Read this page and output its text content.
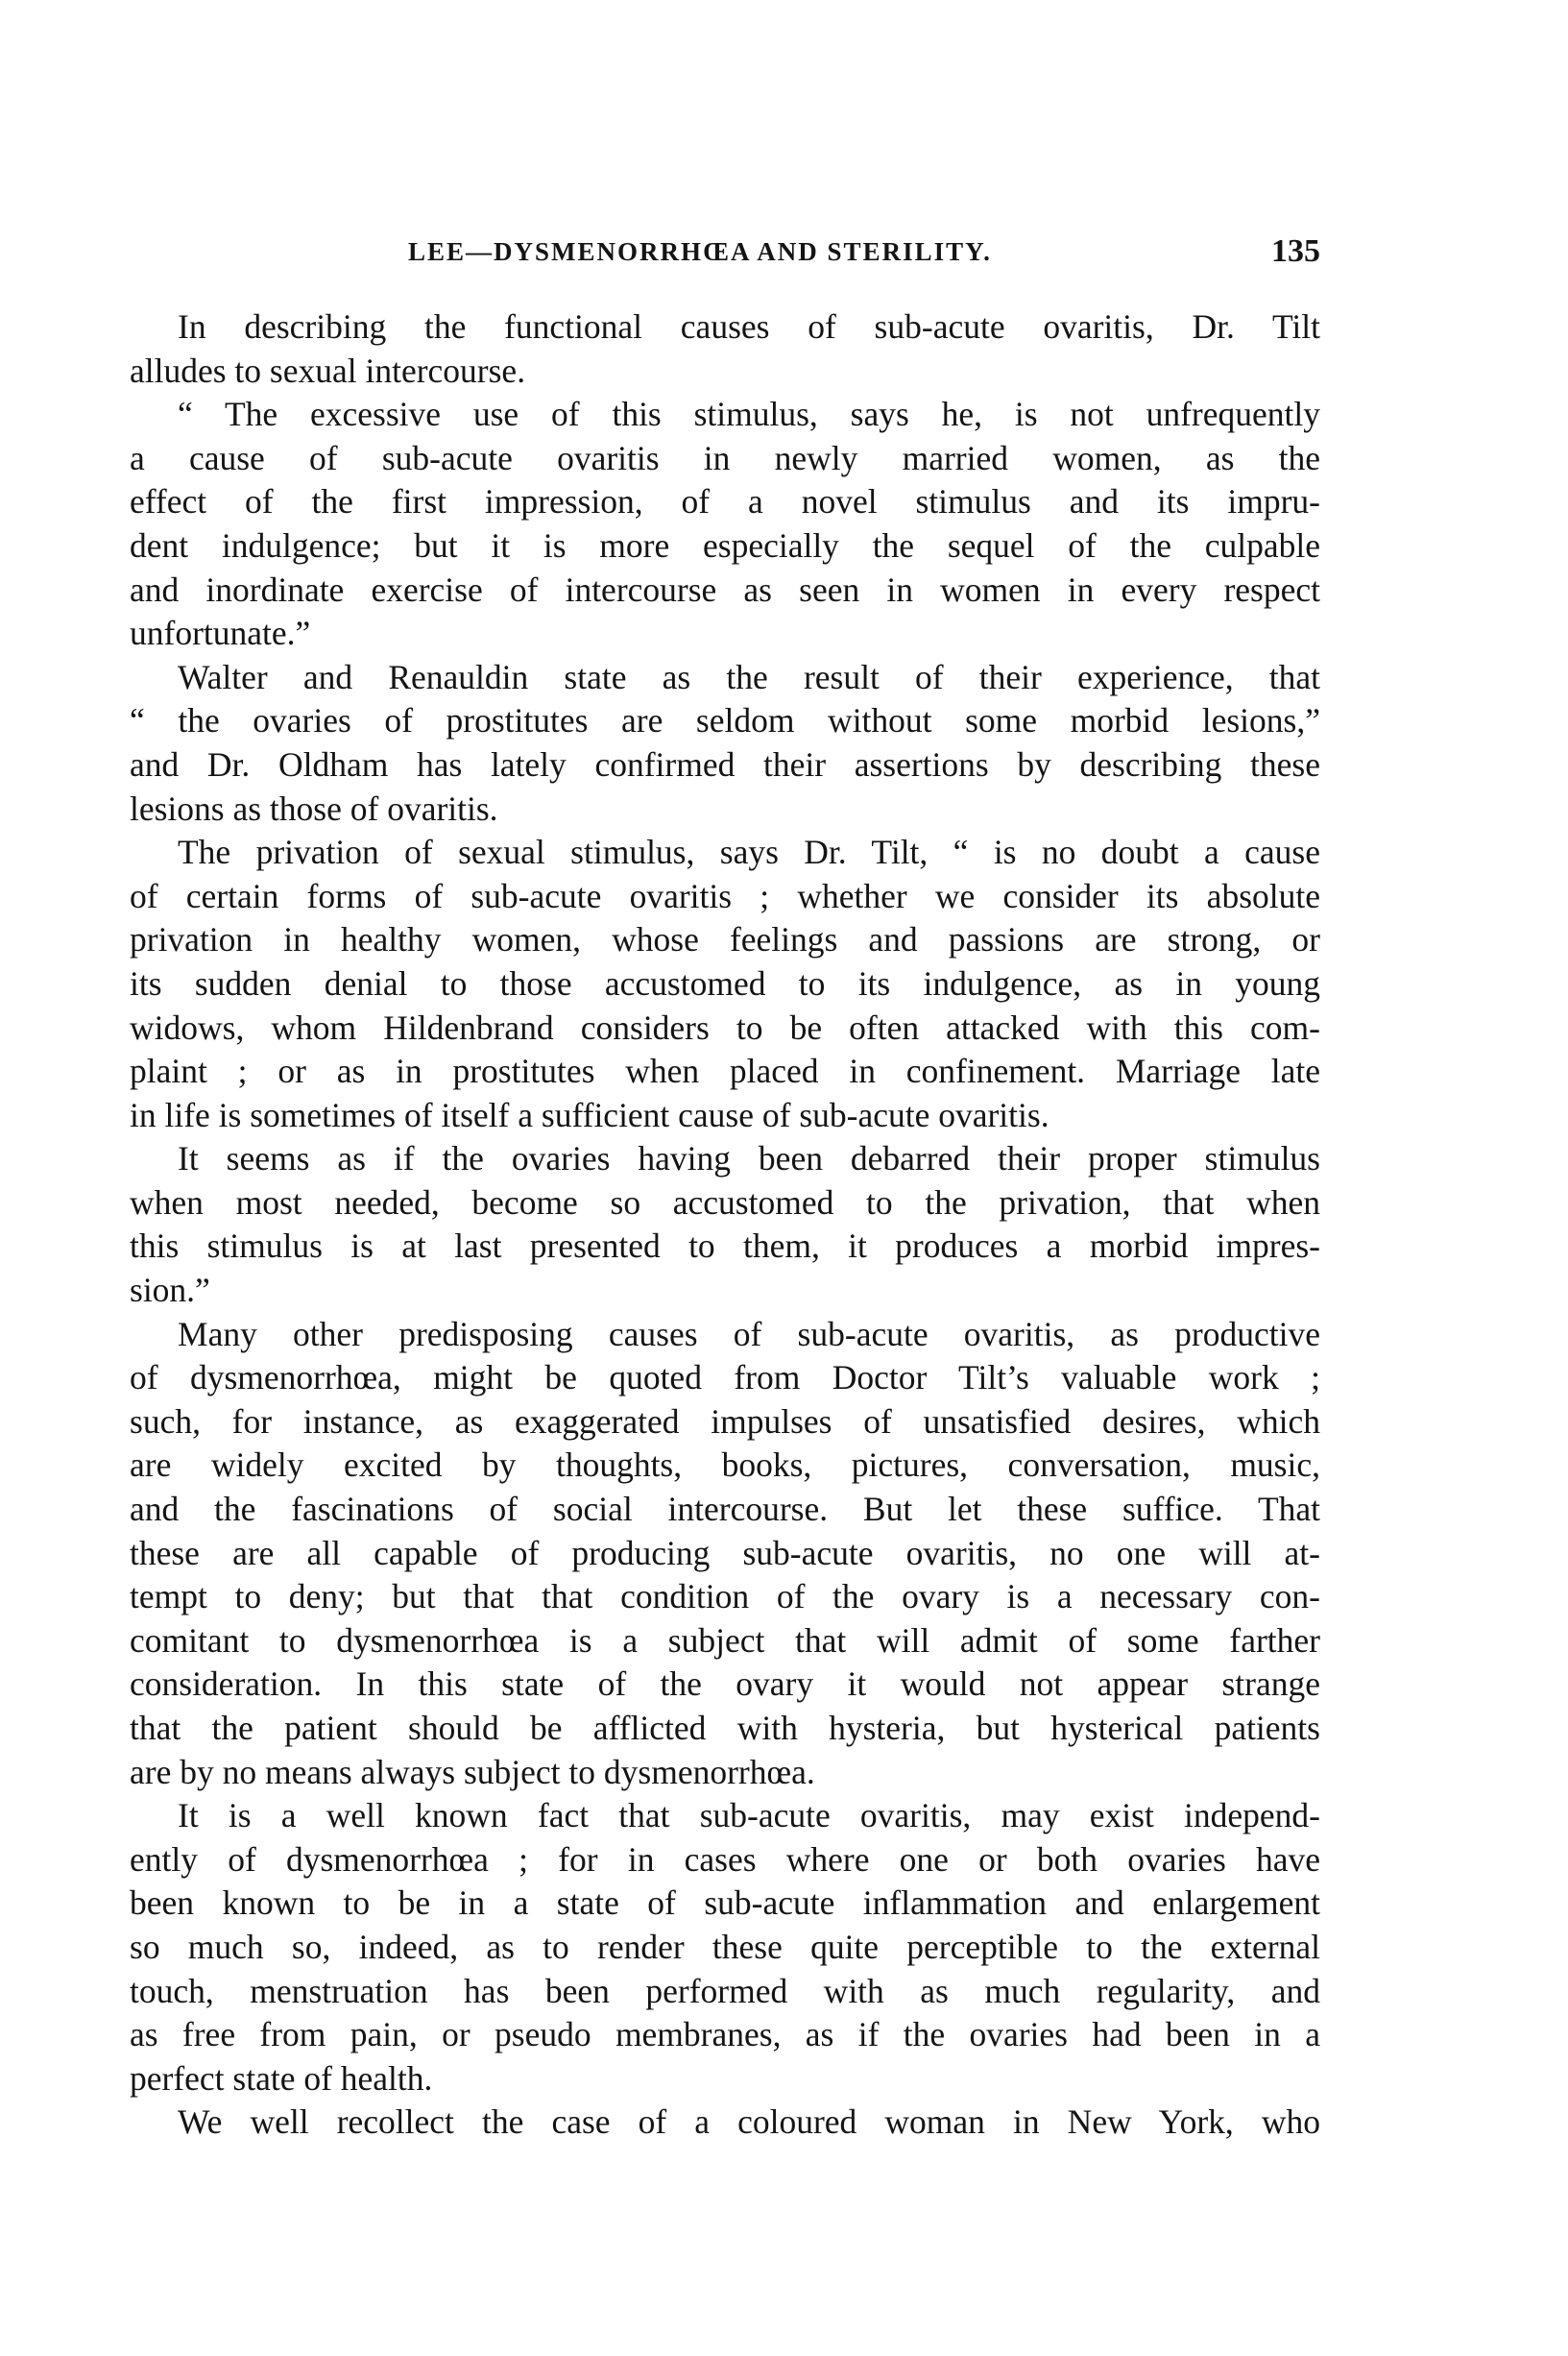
LEE—DYSMENORRHŒA AND STERILITY.	135
In describing the functional causes of sub-acute ovaritis, Dr. Tilt
alludes to sexual intercourse.
“ The excessive use of this stimulus, says he, is not unfrequently
a cause of sub-acute ovaritis in newly married women, as the
effect of the first impression, of a novel stimulus and its impru-
dent indulgence; but it is more especially the sequel of the culpable
and inordinate exercise of intercourse as seen in women in every respect
unfortunate.”
Walter and Renauldin state as the result of their experience, that
“ the ovaries of prostitutes are seldom without some morbid lesions,”
and Dr. Oldham has lately confirmed their assertions by describing these
lesions as those of ovaritis.
The privation of sexual stimulus, says Dr. Tilt, “ is no doubt a cause
of certain forms of sub-acute ovaritis ; whether we consider its absolute
privation in healthy women, whose feelings and passions are strong, or
its sudden denial to those accustomed to its indulgence, as in young
widows, whom Hildenbrand considers to be often attacked with this com-
plaint ; or as in prostitutes when placed in confinement. Marriage late
in life is sometimes of itself a sufficient cause of sub-acute ovaritis.
It seems as if the ovaries having been debarred their proper stimulus
when most needed, become so accustomed to the privation, that when
this stimulus is at last presented to them, it produces a morbid impres-
sion.”
Many other predisposing causes of sub-acute ovaritis, as productive
of dysmenorrhœa, might be quoted from Doctor Tilt’s valuable work ;
such, for instance, as exaggerated impulses of unsatisfied desires, which
are widely excited by thoughts, books, pictures, conversation, music,
and the fascinations of social intercourse. But let these suffice. That
these are all capable of producing sub-acute ovaritis, no one will at-
tempt to deny; but that that condition of the ovary is a necessary con-
comitant to dysmenorrhœa is a subject that will admit of some farther
consideration. In this state of the ovary it would not appear strange
that the patient should be afflicted with hysteria, but hysterical patients
are by no means always subject to dysmenorrhœa.
It is a well known fact that sub-acute ovaritis, may exist independ-
ently of dysmenorrhœa ; for in cases where one or both ovaries have
been known to be in a state of sub-acute inflammation and enlargement
so much so, indeed, as to render these quite perceptible to the external
touch, menstruation has been performed with as much regularity, and
as free from pain, or pseudo membranes, as if the ovaries had been in a
perfect state of health.
We well recollect the case of a coloured woman in New York, who
